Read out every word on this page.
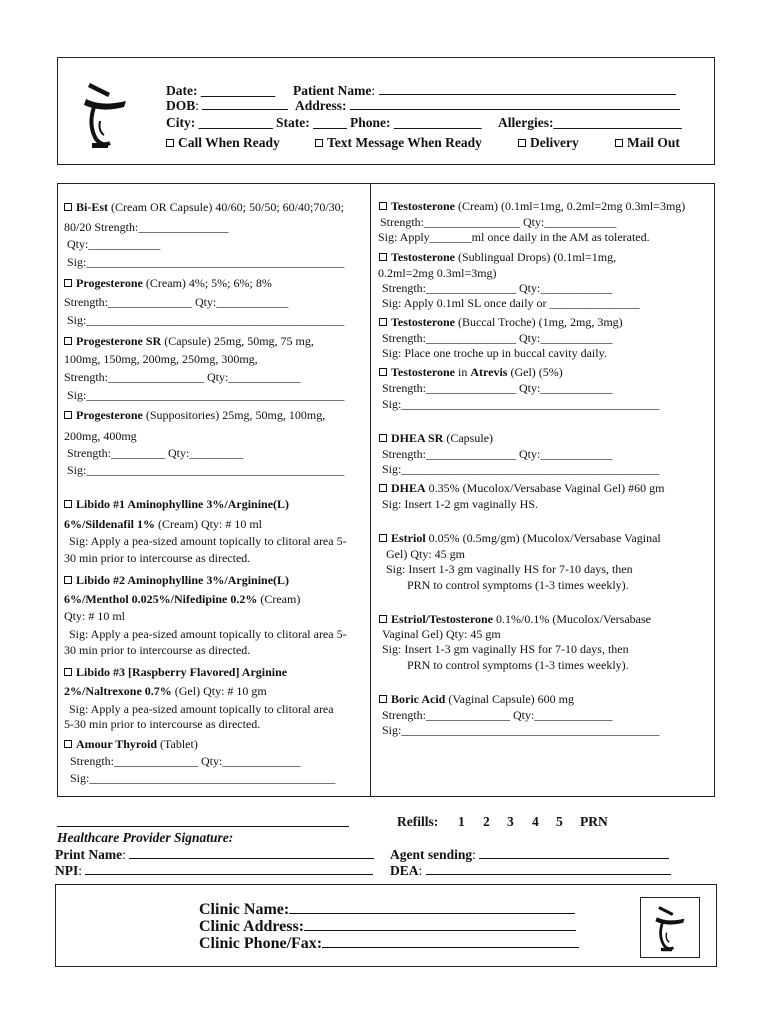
Date: ___________ Patient Name:
DOB:	Address:
City: ___________ State: _____ Phone: _____________ Allergies:___________________
Call When Ready	Text Message When Ready	Delivery	Mail Out
Bi-Est (Cream OR Capsule) 40/60; 50/50; 60/40;70/30;
80/20 Strength:_______________
Qty:____________
Sig:___________________________________________
Progesterone (Cream) 4%; 5%; 6%; 8%
Strength:______________ Qty:____________
Sig:___________________________________________
Progesterone SR (Capsule) 25mg, 50mg, 75 mg,
100mg, 150mg, 200mg, 250mg, 300mg,
Strength:________________ Qty:____________
Sig:___________________________________________
Progesterone (Suppositories) 25mg, 50mg, 100mg,
200mg, 400mg
Strength:_________ Qty:_________
Sig:___________________________________________
Libido #1 Aminophylline 3%/Arginine(L)
6%/Sildenafil 1% (Cream) Qty: # 10 ml
Sig: Apply a pea-sized amount topically to clitoral area 5-
30 min prior to intercourse as directed.
Libido #2 Aminophylline 3%/Arginine(L)
6%/Menthol 0.025%/Nifedipine 0.2% (Cream)
Qty: # 10 ml
Sig: Apply a pea-sized amount topically to clitoral area 5-
30 min prior to intercourse as directed.
Libido #3 [Raspberry Flavored] Arginine
2%/Naltrexone 0.7% (Gel) Qty: # 10 gm
Sig: Apply a pea-sized amount topically to clitoral area
5-30 min prior to intercourse as directed.
Amour Thyroid (Tablet)
Strength:______________ Qty:_____________
Sig:_________________________________________
Testosterone (Cream) (0.1ml=1mg, 0.2ml=2mg 0.3ml=3mg)
Strength:________________ Qty:____________
Sig: Apply_______ml once daily in the AM as tolerated.
Testosterone (Sublingual Drops) (0.1ml=1mg,
0.2ml=2mg 0.3ml=3mg)
Strength:_______________ Qty:____________
Sig: Apply 0.1ml SL once daily or _______________
Testosterone (Buccal Troche) (1mg, 2mg, 3mg)
Strength:_______________ Qty:____________
Sig: Place one troche up in buccal cavity daily.
Testosterone in Atrevis (Gel) (5%)
Strength:_______________ Qty:____________
Sig:___________________________________________
DHEA SR (Capsule)
Strength:_______________ Qty:____________
Sig:___________________________________________
DHEA 0.35% (Mucolox/Versabase Vaginal Gel) #60 gm
Sig: Insert 1-2 gm vaginally HS.
Estriol 0.05% (0.5mg/gm) (Mucolox/Versabase Vaginal
Gel) Qty: 45 gm
Sig: Insert 1-3 gm vaginally HS for 7-10 days, then
PRN to control symptoms (1-3 times weekly).
Estriol/Testosterone 0.1%/0.1% (Mucolox/Versabase
Vaginal Gel) Qty: 45 gm
Sig: Insert 1-3 gm vaginally HS for 7-10 days, then
PRN to control symptoms (1-3 times weekly).
Boric Acid (Vaginal Capsule) 600 mg
Strength:______________ Qty:_____________
Sig:___________________________________________
Healthcare Provider Signature:
Refills: 1 2 3 4 5 PRN
Print Name:
NPI:
Agent sending:
DEA:
Clinic Name:
Clinic Address:
Clinic Phone/Fax:
